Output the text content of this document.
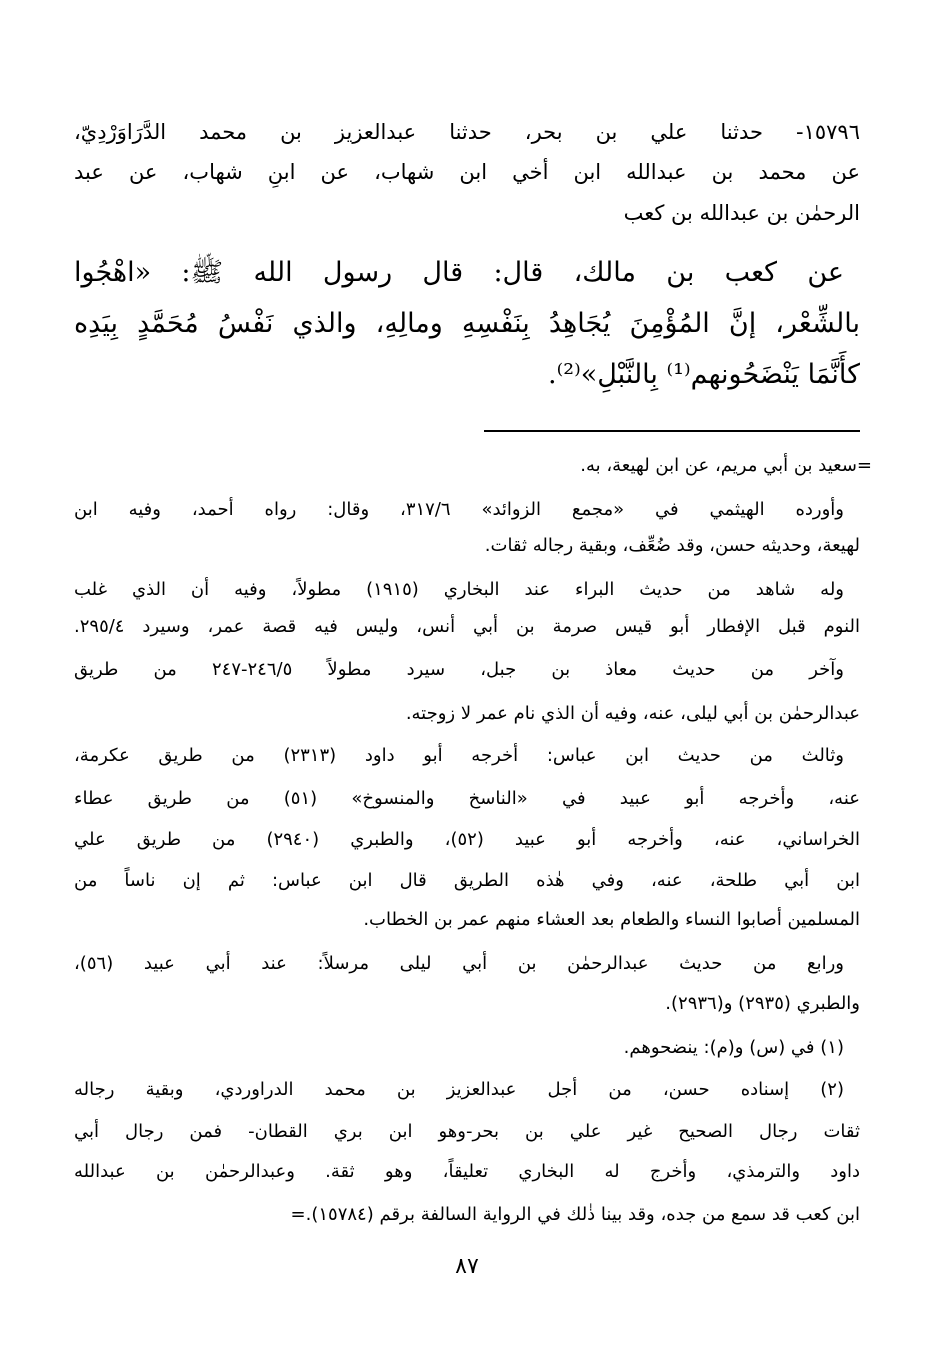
١٥٧٩٦- حدثنا علي بن بحر، حدثنا عبدالعزيز بن محمد الدَّرَاوَرْدِيّ،
عن محمد بن عبدالله ابن أخي ابن شهاب، عن ابنِ شهاب، عن عبد
الرحمٰن بن عبدالله بن كعب
عن كعب بن مالك، قال: قال رسول الله ﷺ: «اهْجُوا
بالشِّعْر، إنَّ المُؤْمِنَ يُجَاهِدُ بِنَفْسِهِ ومالِهِ، والذي نَفْسُ مُحَمَّدٍ بِيَدِه
كأَنَّمَا يَنْضَحُونهم⁽¹⁾ بِالنَّبْلِ»⁽²⁾.
=سعيد بن أبي مريم، عن ابن لهيعة، به.
وأورده الهيثمي في «مجمع الزوائد» ٣١٧/٦، وقال: رواه أحمد، وفيه ابن
لهيعة، وحديثه حسن، وقد ضُعِّف، وبقية رجاله ثقات.
وله شاهد من حديث البراء عند البخاري (١٩١٥) مطولاً، وفيه أن الذي غلب
النوم قبل الإفطار أبو قيس صرمة بن أبي أنس، وليس فيه قصة عمر، وسيرد ٢٩٥/٤.
وآخر من حديث معاذ بن جبل، سيرد مطولاً ٢٤٦/٥-٢٤٧ من طريق
عبدالرحمٰن بن أبي ليلى، عنه، وفيه أن الذي نام عمر لا زوجته.
وثالث من حديث ابن عباس: أخرجه أبو داود (٢٣١٣) من طريق عكرمة،
عنه، وأخرجه أبو عبيد في «الناسخ والمنسوخ» (٥١) من طريق عطاء
الخراساني، عنه، وأخرجه أبو عبيد (٥٢)، والطبري (٢٩٤٠) من طريق علي
ابن أبي طلحة، عنه، وفي هٰذه الطريق قال ابن عباس: ثم إن ناساً من
المسلمين أصابوا النساء والطعام بعد العشاء منهم عمر بن الخطاب.
ورابع من حديث عبدالرحمٰن بن أبي ليلى مرسلاً: عند أبي عبيد (٥٦)،
والطبري (٢٩٣٥) و(٢٩٣٦).
(١) في (س) و(م): ينضحوهم.
(٢) إسناده حسن، من أجل عبدالعزيز بن محمد الدراوردي، وبقية رجاله
ثقات رجال الصحيح غير علي بن بحر-وهو ابن بري القطان- فمن رجال أبي
داود والترمذي، وأخرج له البخاري تعليقاً، وهو ثقة. وعبدالرحمٰن بن عبدالله
ابن كعب قد سمع من جده، وقد بينا ذٰلك في الرواية السالفة برقم (١٥٧٨٤).=
٨٧
